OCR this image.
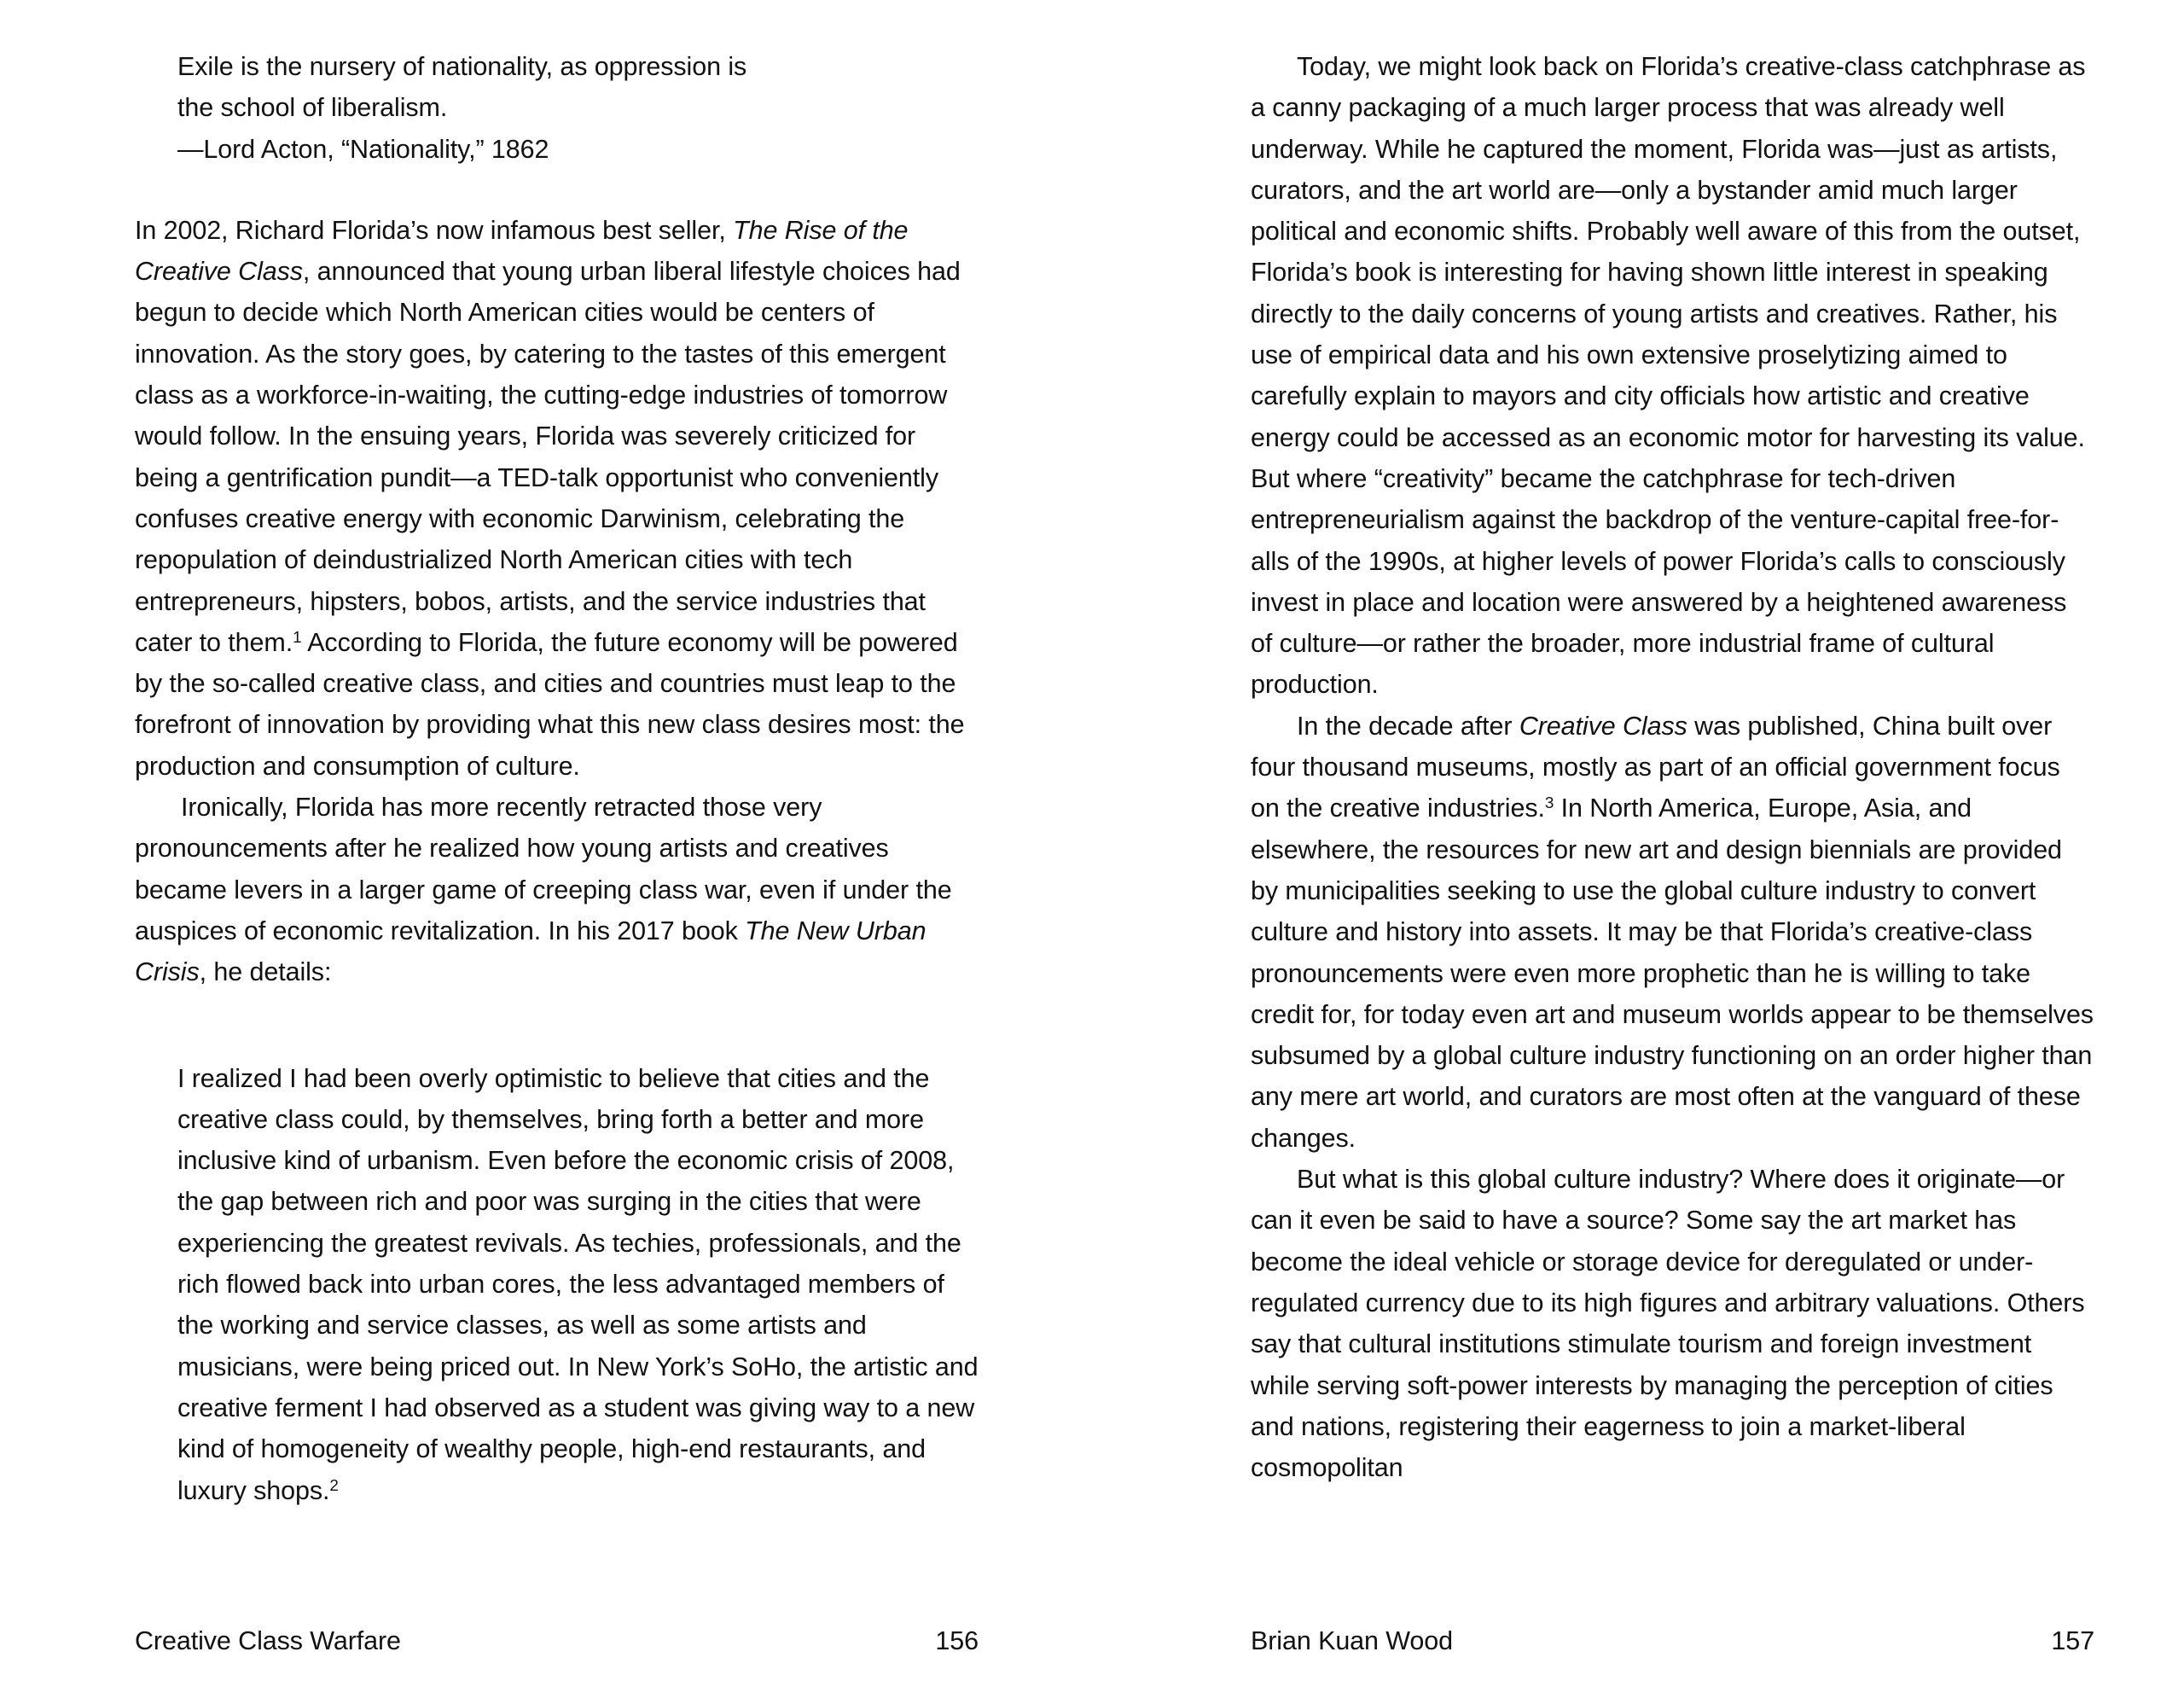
Exile is the nursery of nationality, as oppression is
the school of liberalism.
—Lord Acton, “Nationality,” 1862

In 2002, Richard Florida’s now infamous best seller, The Rise of the Creative Class, announced that young urban liberal lifestyle choices had begun to decide which North American cities would be centers of innovation. As the story goes, by catering to the tastes of this emergent class as a workforce-in-waiting, the cutting-edge industries of tomorrow would follow. In the ensuing years, Florida was severely criticized for being a gentrification pundit—a TED-talk opportunist who conveniently confuses creative energy with economic Darwinism, celebrating the repopulation of deindustrialized North American cities with tech entrepreneurs, hipsters, bobos, artists, and the service industries that cater to them.$^1$ According to Florida, the future economy will be powered by the so-called creative class, and cities and countries must leap to the forefront of innovation by providing what this new class desires most: the production and consumption of culture.

Ironically, Florida has more recently retracted those very pronouncements after he realized how young artists and creatives became levers in a larger game of creeping class war, even if under the auspices of economic revitalization. In his 2017 book The New Urban Crisis, he details:

I realized I had been overly optimistic to believe that cities and the creative class could, by themselves, bring forth a better and more inclusive kind of urbanism. Even before the economic crisis of 2008, the gap between rich and poor was surging in the cities that were experiencing the greatest revivals. As techies, professionals, and the rich flowed back into urban cores, the less advantaged members of the working and service classes, as well as some artists and musicians, were being priced out. In New York’s SoHo, the artistic and creative ferment I had observed as a student was giving way to a new kind of homogeneity of wealthy people, high-end restaurants, and luxury shops.$^2$

Creative Class Warfare	156

Today, we might look back on Florida’s creative-class catchphrase as a canny packaging of a much larger process that was already well underway. While he captured the moment, Florida was—just as artists, curators, and the art world are—only a bystander amid much larger political and economic shifts. Probably well aware of this from the outset, Florida’s book is interesting for having shown little interest in speaking directly to the daily concerns of young artists and creatives. Rather, his use of empirical data and his own extensive proselytizing aimed to carefully explain to mayors and city officials how artistic and creative energy could be accessed as an economic motor for harvesting its value. But where “creativity” became the catchphrase for tech-driven entrepreneurialism against the backdrop of the venture-capital free-for-alls of the 1990s, at higher levels of power Florida’s calls to consciously invest in place and location were answered by a heightened awareness of culture—or rather the broader, more industrial frame of cultural production.

In the decade after Creative Class was published, China built over four thousand museums, mostly as part of an official government focus on the creative industries.$^3$ In North America, Europe, Asia, and elsewhere, the resources for new art and design biennials are provided by municipalities seeking to use the global culture industry to convert culture and history into assets. It may be that Florida’s creative-class pronouncements were even more prophetic than he is willing to take credit for, for today even art and museum worlds appear to be themselves subsumed by a global culture industry functioning on an order higher than any mere art world, and curators are most often at the vanguard of these changes.

But what is this global culture industry? Where does it originate—or can it even be said to have a source? Some say the art market has become the ideal vehicle or storage device for deregulated or under-regulated currency due to its high figures and arbitrary valuations. Others say that cultural institutions stimulate tourism and foreign investment while serving soft-power interests by managing the perception of cities and nations, registering their eagerness to join a market-liberal cosmopolitan

Brian Kuan Wood	157
